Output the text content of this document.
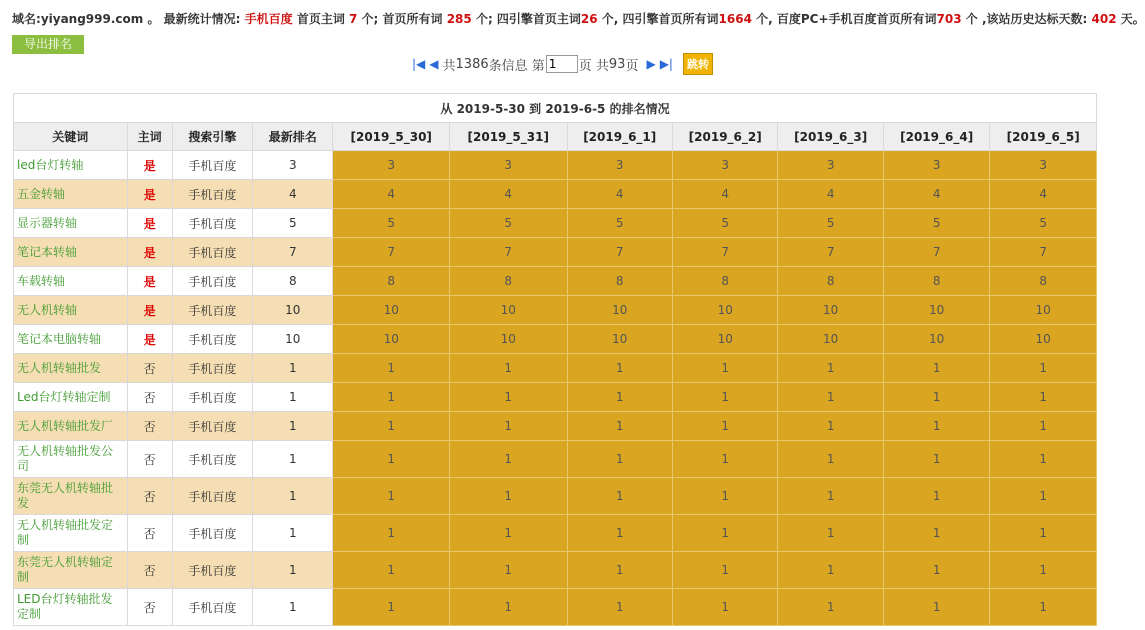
域名:yiyang999.com 。 最新统计情况: 手机百度 首页主词 7 个; 首页所有词 285 个; 四引擎首页主词26 个, 四引擎首页所有词1664 个, 百度PC+手机百度首页所有词703 个 ,该站历史达标天数: 402 天。
导出排名
|◀ ◀ 共 1386 条信息 第
1	页 共 93 页 ▶ ▶|	跳转
从 2019-5-30 到 2019-6-5 的排名情况										
关键词	主词	搜索引擎	最新排名	[2019_5_30]	[2019_5_31]	[2019_6_1]	[2019_6_2]	[2019_6_3]	[2019_6_4]	[2019_6_5]
led台灯转轴	是	手机百度	3	3	3	3	3	3	3	3
五金转轴	是	手机百度	4	4	4	4	4	4	4	4
显示器转轴	是	手机百度	5	5	5	5	5	5	5	5
笔记本转轴	是	手机百度	7	7	7	7	7	7	7	7
车载转轴	是	手机百度	8	8	8	8	8	8	8	8
无人机转轴	是	手机百度	10	10	10	10	10	10	10	10
笔记本电脑转轴	是	手机百度	10	10	10	10	10	10	10	10
无人机转轴批发	否	手机百度	1	1	1	1	1	1	1	1
Led台灯转轴定制	否	手机百度	1	1	1	1	1	1	1	1
无人机转轴批发厂	否	手机百度	1	1	1	1	1	1	1	1
无人机转轴批发公司	否	手机百度	1	1	1	1	1	1	1	1
东莞无人机转轴批发	否	手机百度	1	1	1	1	1	1	1	1
无人机转轴批发定制	否	手机百度	1	1	1	1	1	1	1	1
东莞无人机转轴定制	否	手机百度	1	1	1	1	1	1	1	1
LED台灯转轴批发定制	否	手机百度	1	1	1	1	1	1	1	1
